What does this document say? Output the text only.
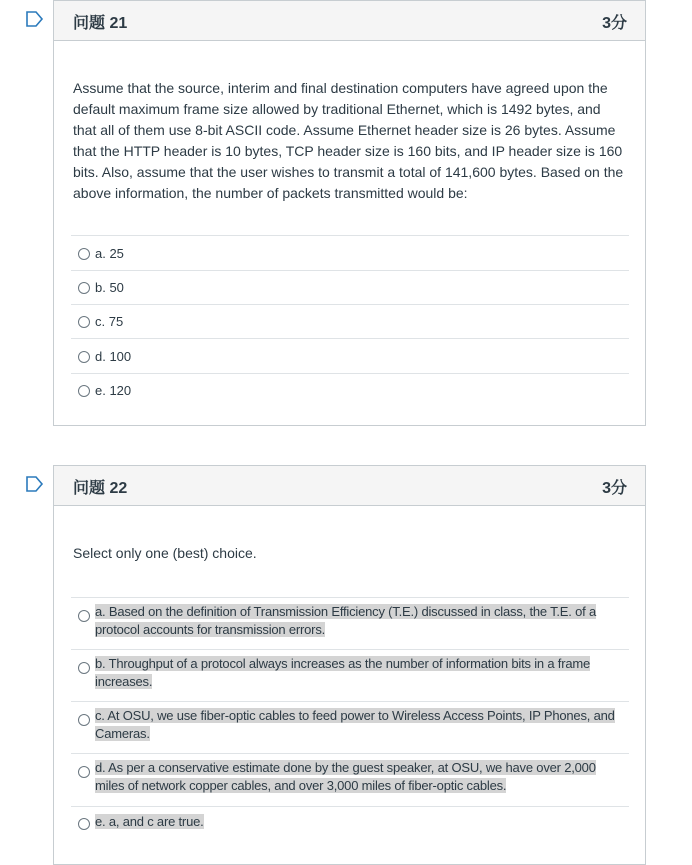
问题 21	3分
Assume that the source, interim and final destination computers have agreed upon the default maximum frame size allowed by traditional Ethernet, which is 1492 bytes, and that all of them use 8-bit ASCII code. Assume Ethernet header size is 26 bytes. Assume that the HTTP header is 10 bytes, TCP header size is 160 bits, and IP header size is 160 bits. Also, assume that the user wishes to transmit a total of 141,600 bytes. Based on the above information, the number of packets transmitted would be:
a. 25
b. 50
c. 75
d. 100
e. 120
问题 22	3分
Select only one (best) choice.
a. Based on the definition of Transmission Efficiency (T.E.) discussed in class, the T.E. of a protocol accounts for transmission errors.
b. Throughput of a protocol always increases as the number of information bits in a frame increases.
c. At OSU, we use fiber-optic cables to feed power to Wireless Access Points, IP Phones, and Cameras.
d. As per a conservative estimate done by the guest speaker, at OSU, we have over 2,000 miles of network copper cables, and over 3,000 miles of fiber-optic cables.
e. a, and c are true.
